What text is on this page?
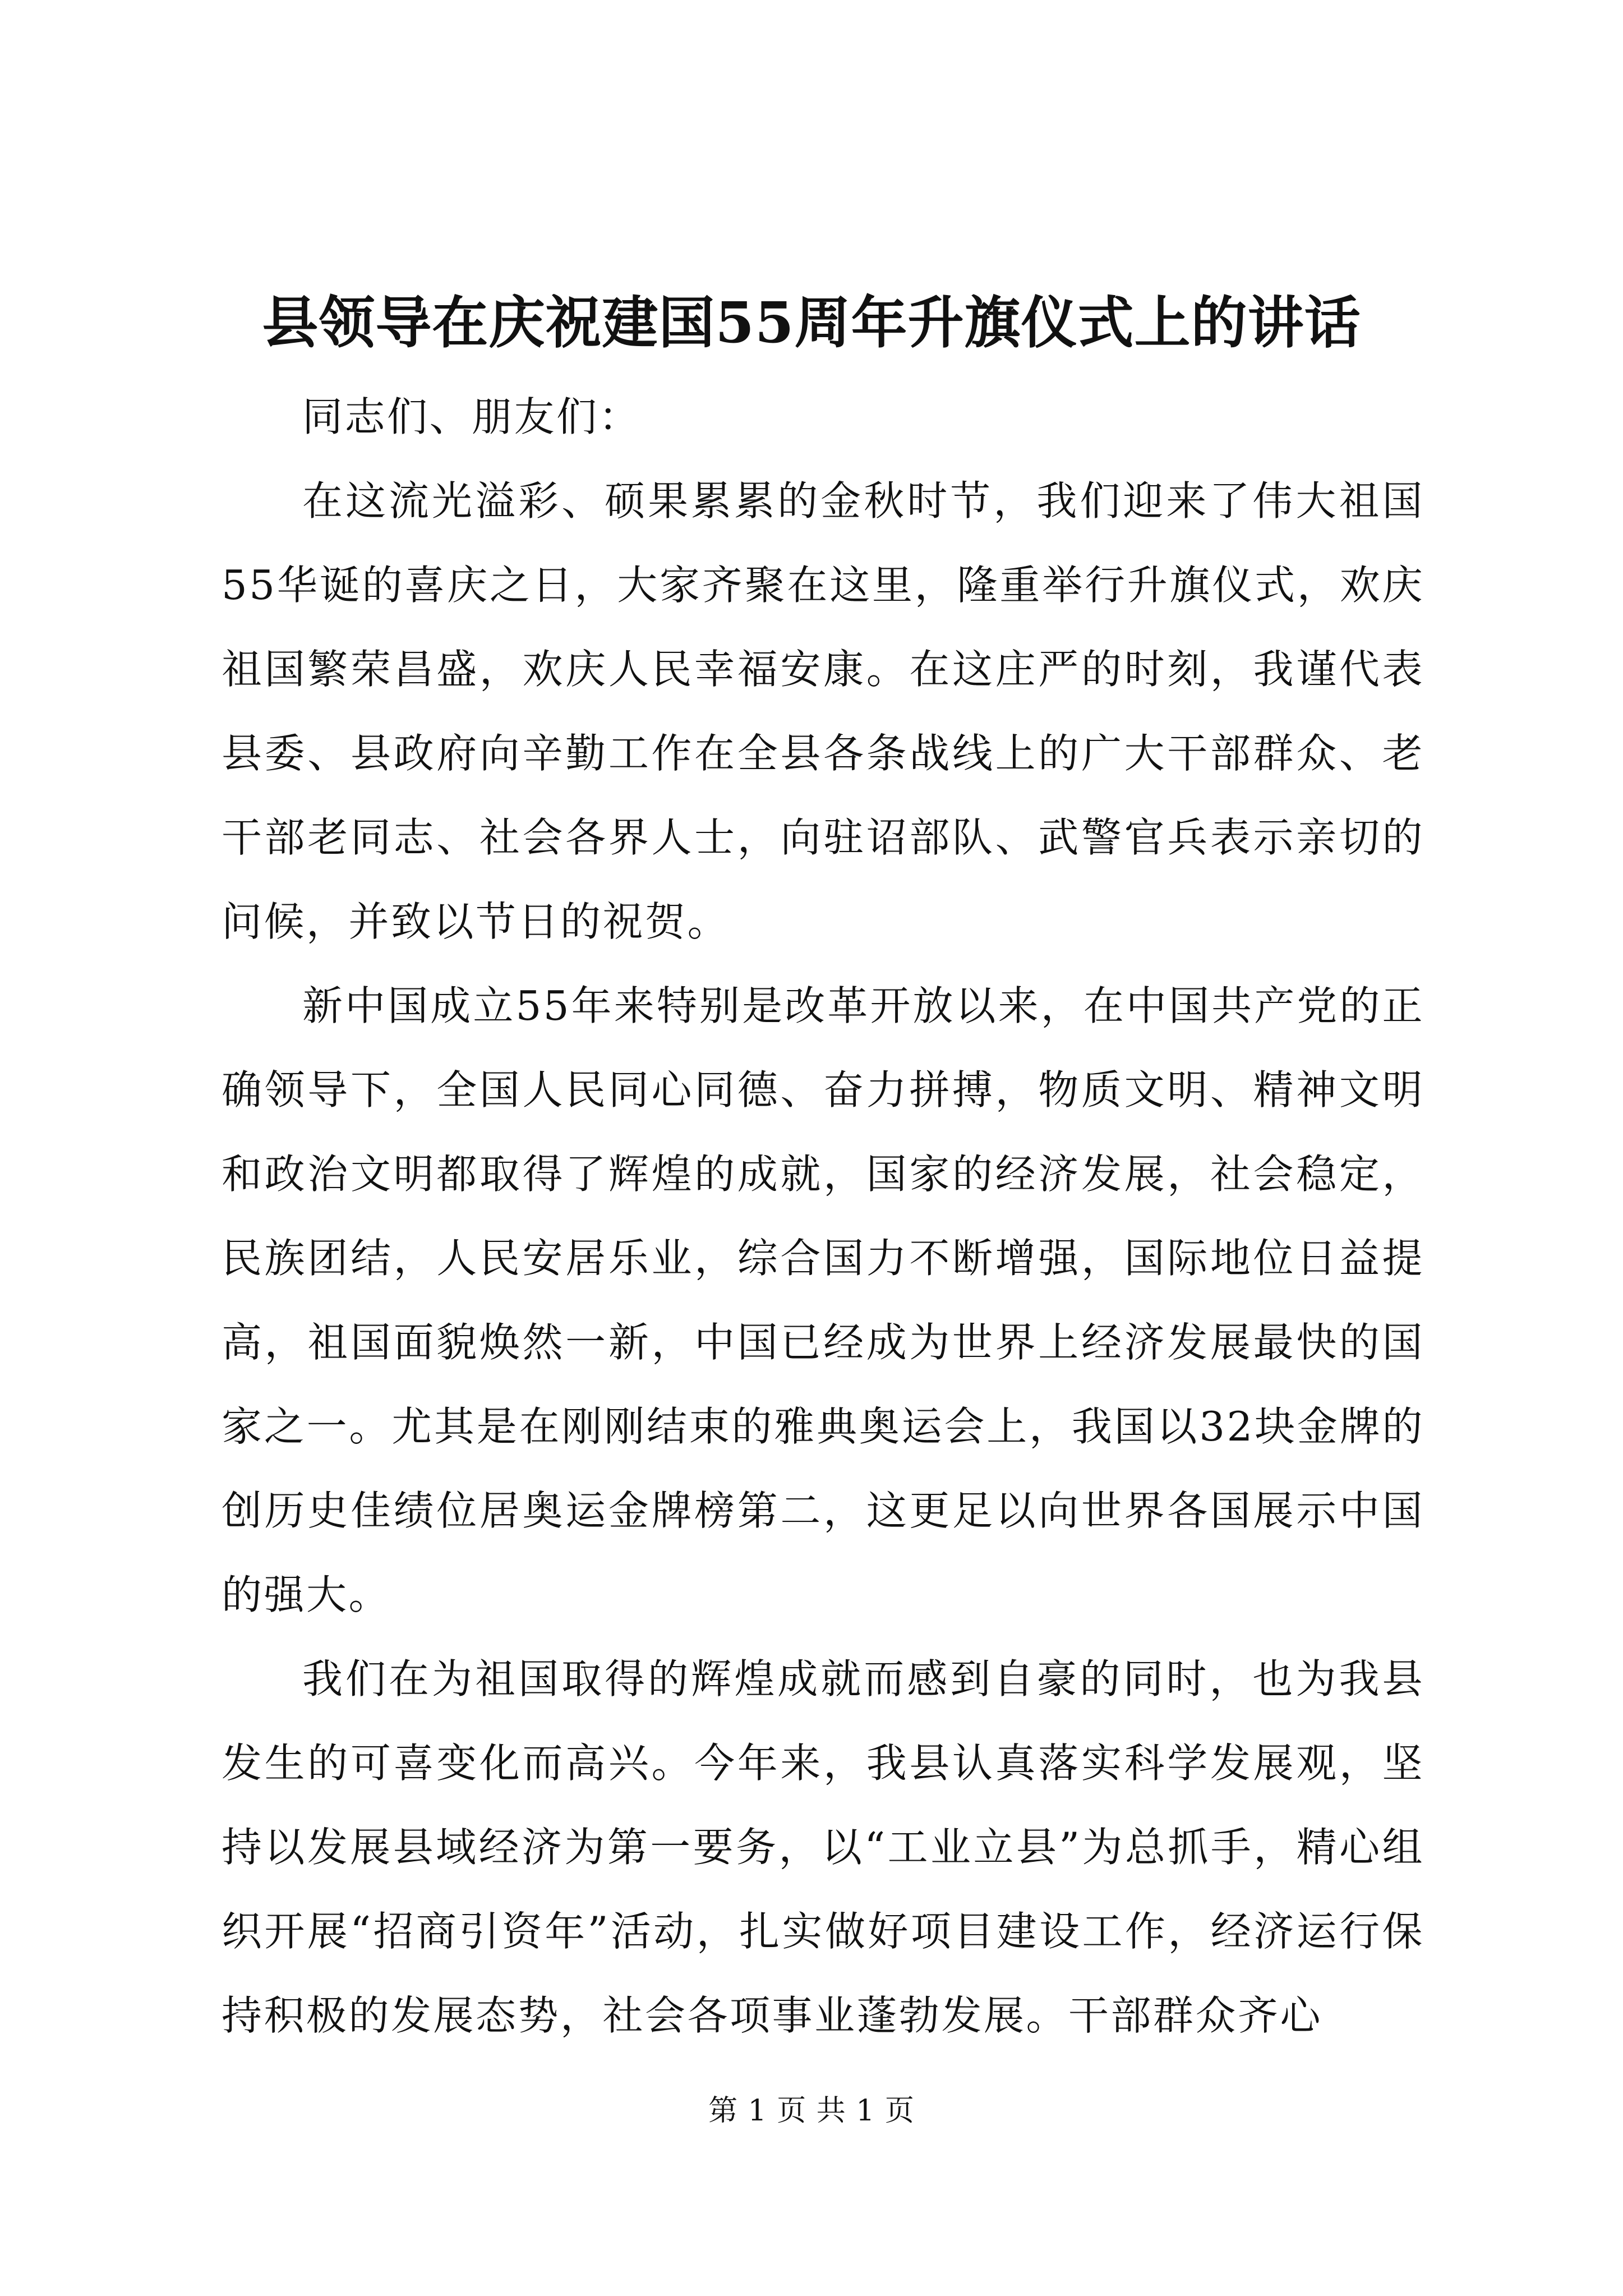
县领导在庆祝建国55周年升旗仪式上的讲话

同志们、朋友们：

在这流光溢彩、硕果累累的金秋时节，我们迎来了伟大祖国55华诞的喜庆之日，大家齐聚在这里，隆重举行升旗仪式，欢庆祖国繁荣昌盛，欢庆人民幸福安康。在这庄严的时刻，我谨代表县委、县政府向辛勤工作在全县各条战线上的广大干部群众、老干部老同志、社会各界人士，向驻诏部队、武警官兵表示亲切的问候，并致以节日的祝贺。

新中国成立55年来特别是改革开放以来，在中国共产党的正确领导下，全国人民同心同德、奋力拼搏，物质文明、精神文明和政治文明都取得了辉煌的成就，国家的经济发展，社会稳定，民族团结，人民安居乐业，综合国力不断增强，国际地位日益提高，祖国面貌焕然一新，中国已经成为世界上经济发展最快的国家之一。尤其是在刚刚结束的雅典奥运会上，我国以32块金牌的创历史佳绩位居奥运金牌榜第二，这更足以向世界各国展示中国的强大。

我们在为祖国取得的辉煌成就而感到自豪的同时，也为我县发生的可喜变化而高兴。今年来，我县认真落实科学发展观，坚持以发展县域经济为第一要务，以“工业立县”为总抓手，精心组织开展“招商引资年”活动，扎实做好项目建设工作，经济运行保持积极的发展态势，社会各项事业蓬勃发展。干部群众齐心

第 1 页 共 1 页
